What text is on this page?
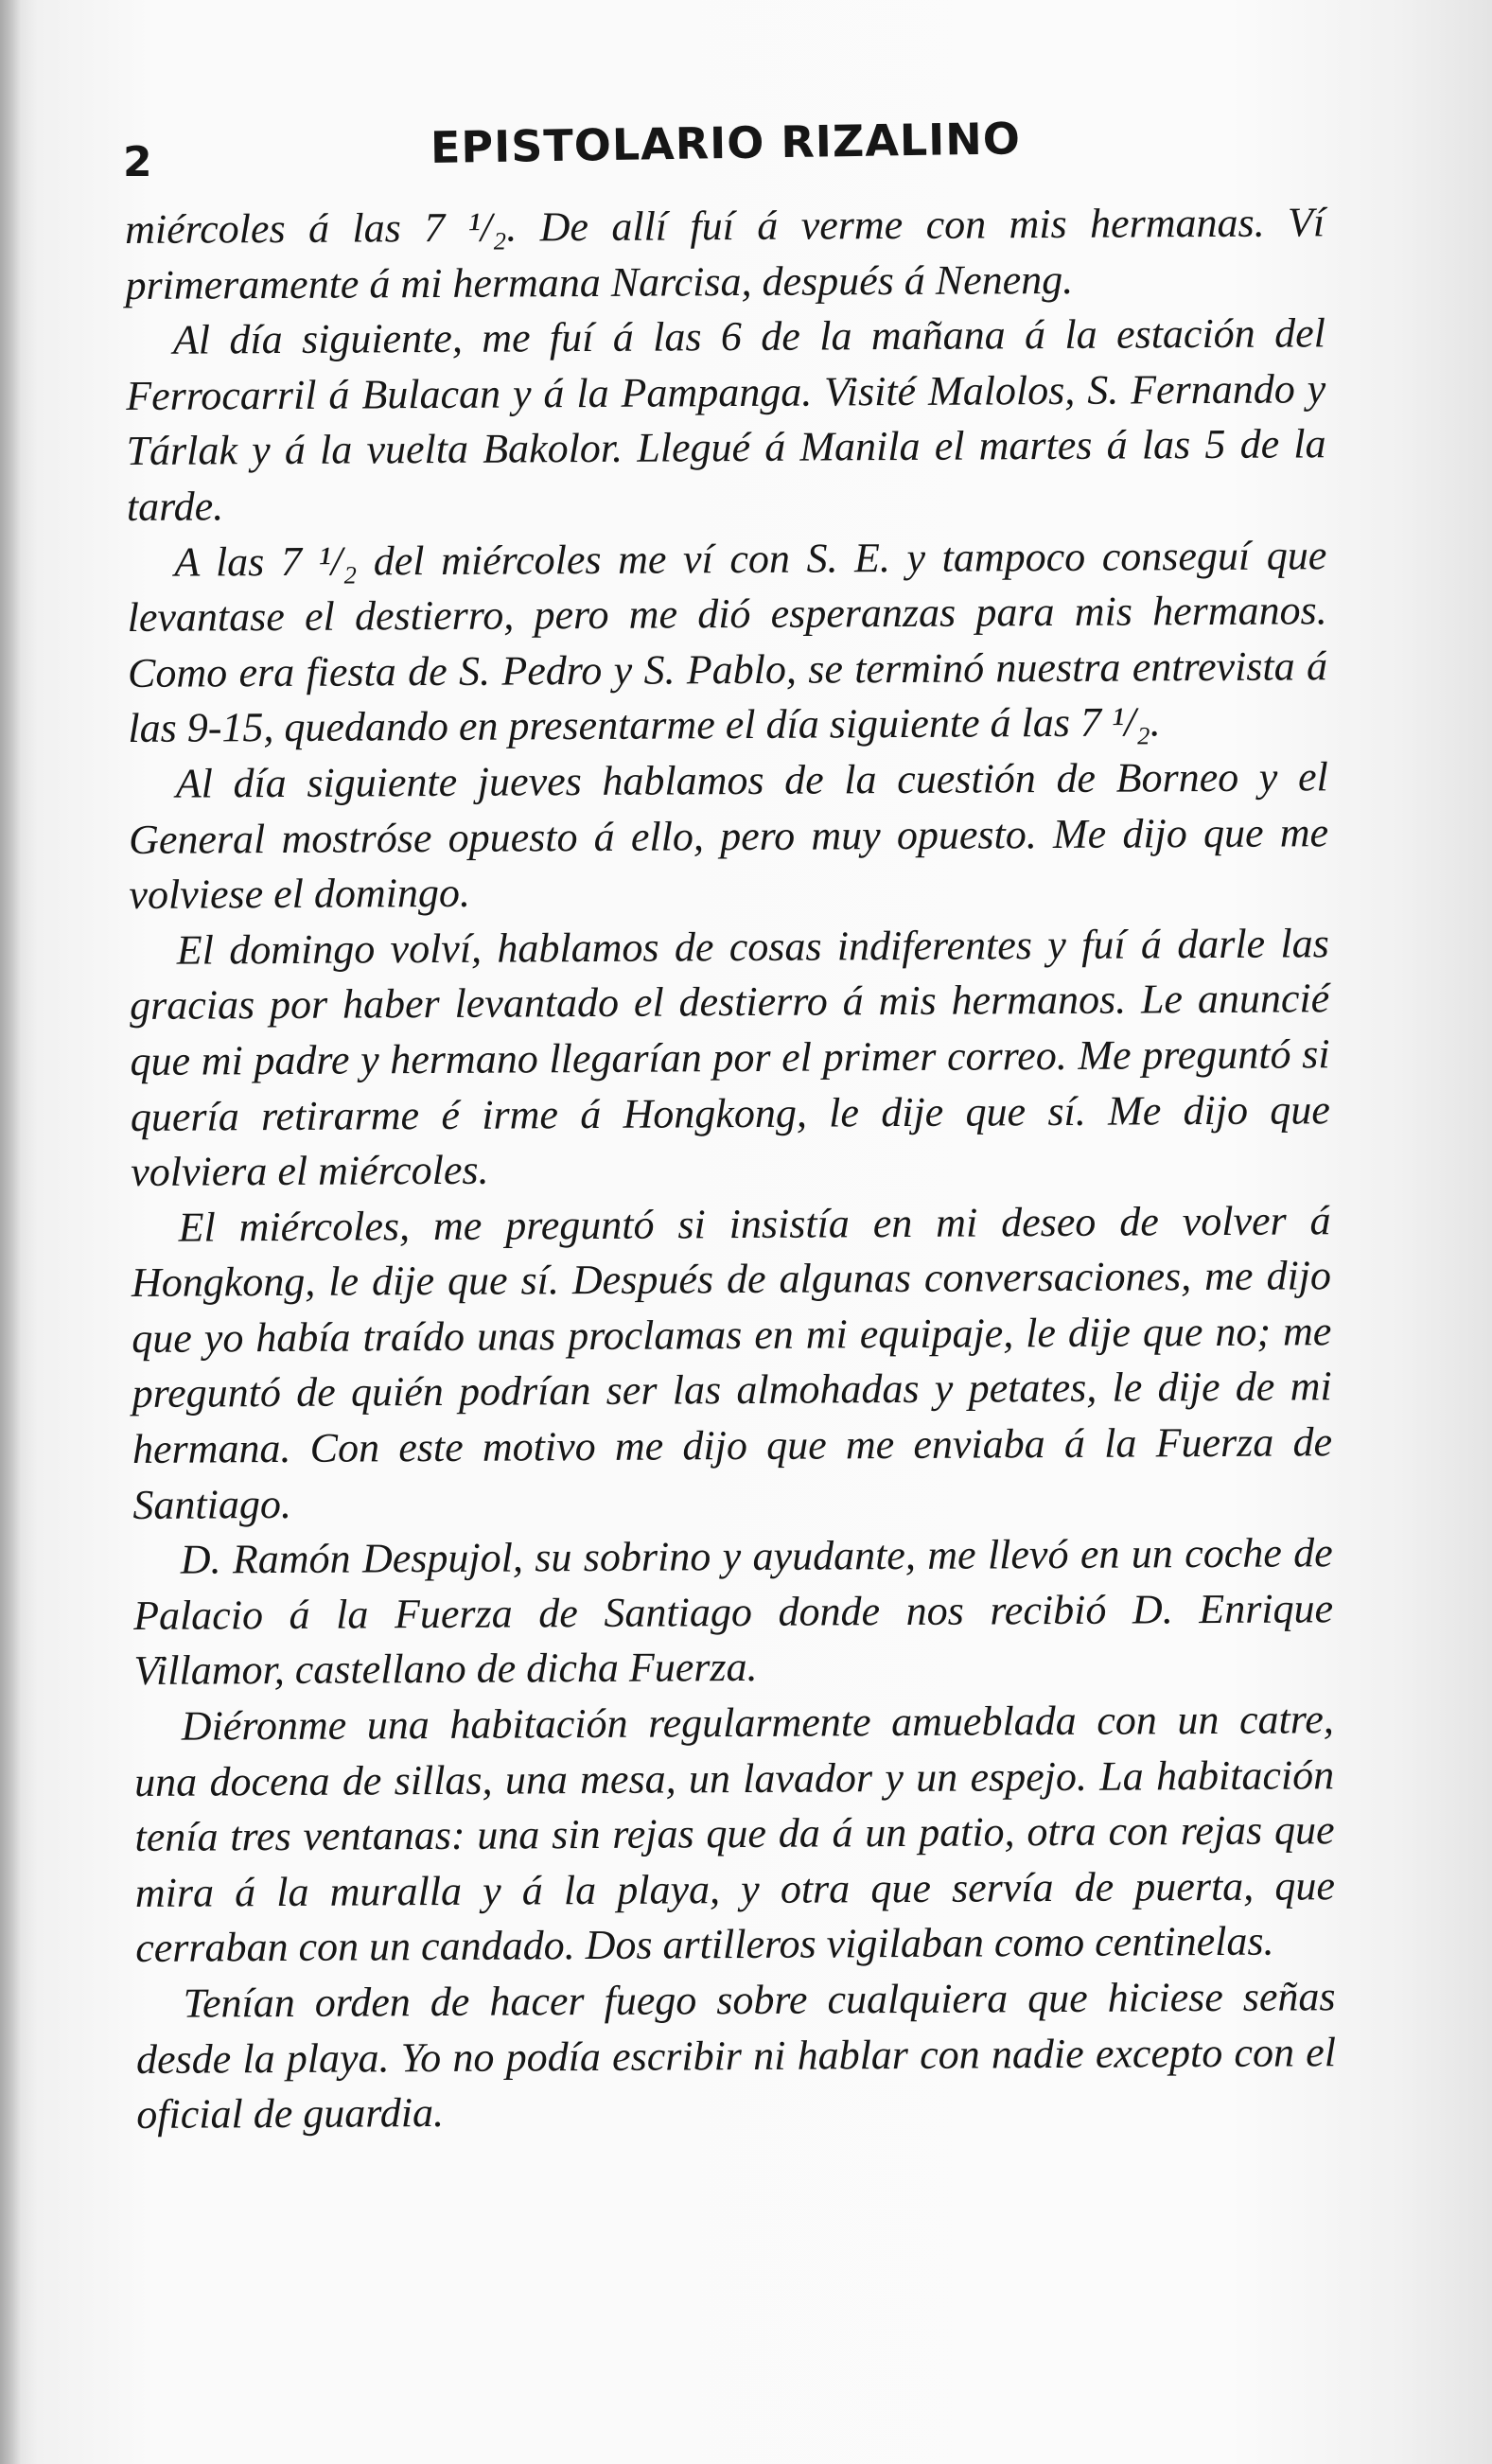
2	EPISTOLARIO RIZALINO

miércoles á las 7 ¹/₂. De allí fuí á verme con mis hermanas. Ví primeramente á mi hermana Narcisa, después á Neneng.

Al día siguiente, me fuí á las 6 de la mañana á la estación del Ferrocarril á Bulacan y á la Pampanga. Visité Malolos, S. Fernando y Tárlak y á la vuelta Bakolor. Llegué á Manila el martes á las 5 de la tarde.

A las 7 ¹/₂ del miércoles me ví con S. E. y tampoco conseguí que levantase el destierro, pero me dió esperanzas para mis hermanos. Como era fiesta de S. Pedro y S. Pablo, se terminó nuestra entrevista á las 9-15, quedando en presentarme el día siguiente á las 7 ¹/₂.

Al día siguiente jueves hablamos de la cuestión de Borneo y el General mostróse opuesto á ello, pero muy opuesto. Me dijo que me volviese el domingo.

El domingo volví, hablamos de cosas indiferentes y fuí á darle las gracias por haber levantado el destierro á mis hermanos. Le anuncié que mi padre y hermano llegarían por el primer correo. Me preguntó si quería retirarme é irme á Hongkong, le dije que sí. Me dijo que volviera el miércoles.

El miércoles, me preguntó si insistía en mi deseo de volver á Hongkong, le dije que sí. Después de algunas conversaciones, me dijo que yo había traído unas proclamas en mi equipaje, le dije que no; me preguntó de quién podrían ser las almohadas y petates, le dije de mi hermana. Con este motivo me dijo que me enviaba á la Fuerza de Santiago.

D. Ramón Despujol, su sobrino y ayudante, me llevó en un coche de Palacio á la Fuerza de Santiago donde nos recibió D. Enrique Villamor, castellano de dicha Fuerza.

Diéronme una habitación regularmente amueblada con un catre, una docena de sillas, una mesa, un lavador y un espejo. La habitación tenía tres ventanas: una sin rejas que da á un patio, otra con rejas que mira á la muralla y á la playa, y otra que servía de puerta, que cerraban con un candado. Dos artilleros vigilaban como centinelas.

Tenían orden de hacer fuego sobre cualquiera que hiciese señas desde la playa. Yo no podía escribir ni hablar con nadie excepto con el oficial de guardia.
